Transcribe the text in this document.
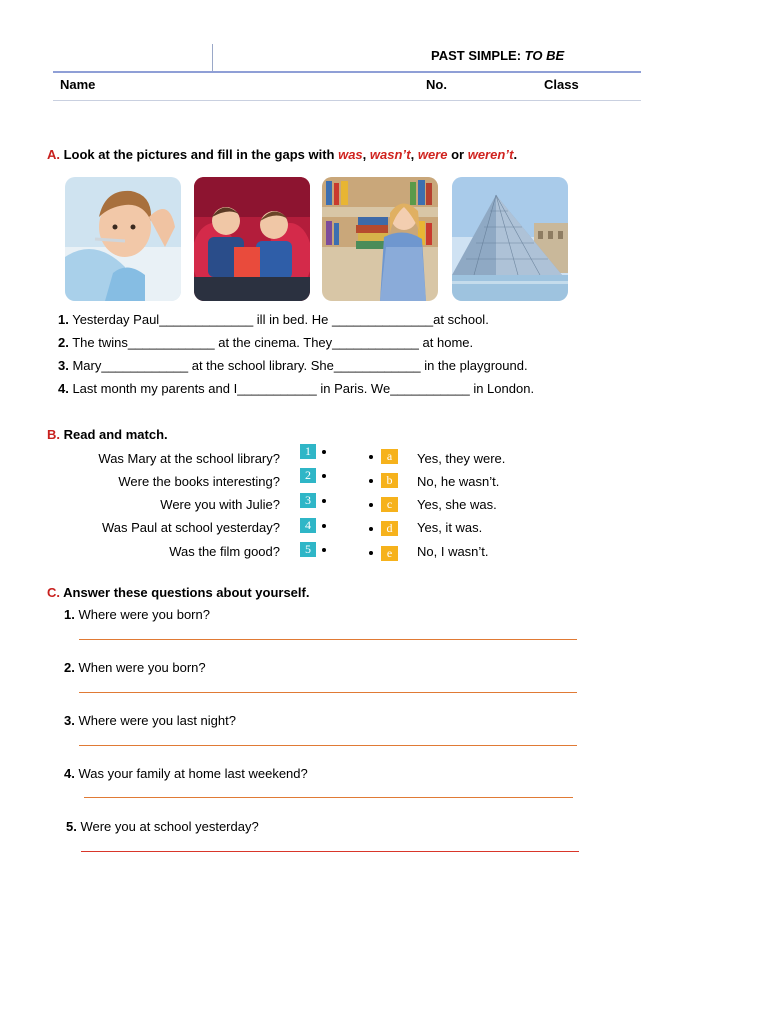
PAST SIMPLE: TO BE
Name	No.	Class
A. Look at the pictures and fill in the gaps with was, wasn’t, were or weren’t.
1. Yesterday Paul_____________ ill in bed. He ______________at school.
2. The twins____________ at the cinema. They____________ at home.
3. Mary____________ at the school library. She____________ in the playground.
4. Last month my parents and I___________ in Paris. We___________ in London.
B. Read and match.
Was Mary at the school library?
Were the books interesting?
Were you with Julie?
Was Paul at school yesterday?
Was the film good?
1
2
3
4
5
a
b
c
d
e
Yes, they were.
No, he wasn’t.
Yes, she was.
Yes, it was.
No, I wasn’t.
C. Answer these questions about yourself.
1. Where were you born?
2. When were you born?
3. Where were you last night?
4. Was your family at home last weekend?
5. Were you at school yesterday?
